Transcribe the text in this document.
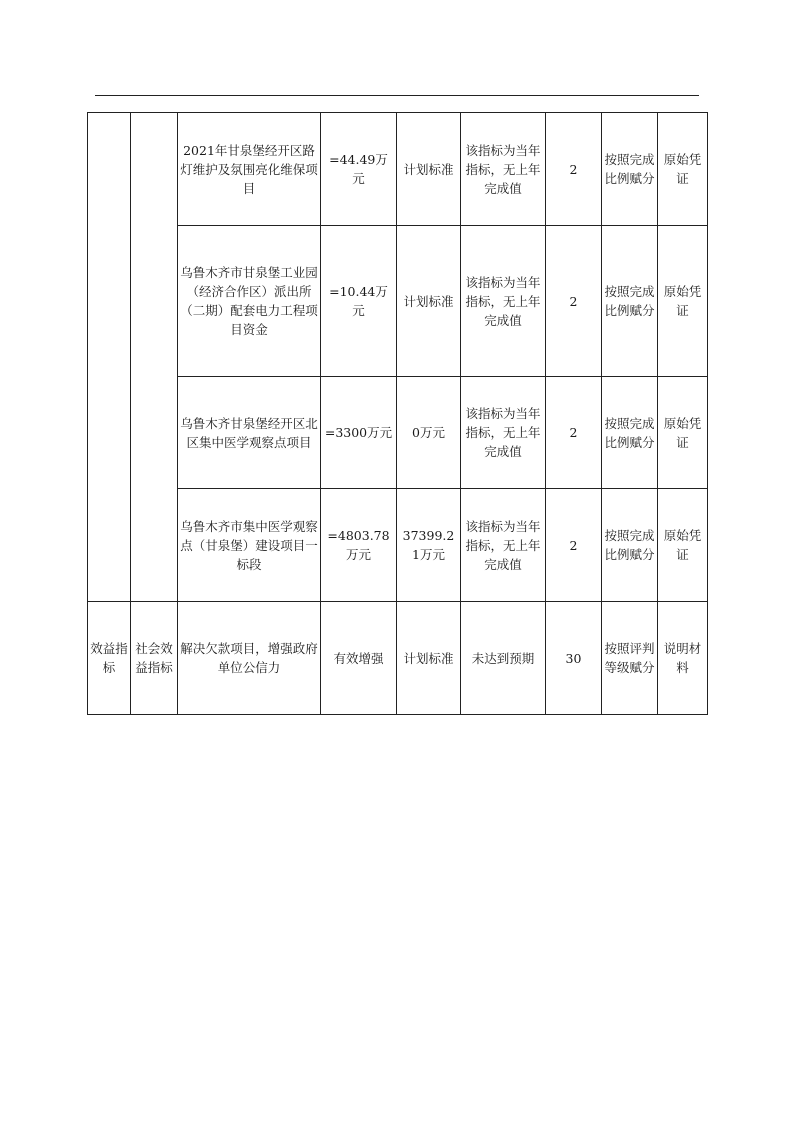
		2021年甘泉堡经开区路灯维护及氛围亮化维保项目	=44.49万元	计划标准	该指标为当年指标，无上年完成值	2	按照完成比例赋分	原始凭证
		乌鲁木齐市甘泉堡工业园（经济合作区）派出所（二期）配套电力工程项目资金	=10.44万元	计划标准	该指标为当年指标，无上年完成值	2	按照完成比例赋分	原始凭证
		乌鲁木齐甘泉堡经开区北区集中医学观察点项目	=3300万元	0万元	该指标为当年指标，无上年完成值	2	按照完成比例赋分	原始凭证
		乌鲁木齐市集中医学观察点（甘泉堡）建设项目一标段	=4803.78万元	37399.21万元	该指标为当年指标，无上年完成值	2	按照完成比例赋分	原始凭证
效益指标	社会效益指标	解决欠款项目，增强政府单位公信力	有效增强	计划标准	未达到预期	30	按照评判等级赋分	说明材料
